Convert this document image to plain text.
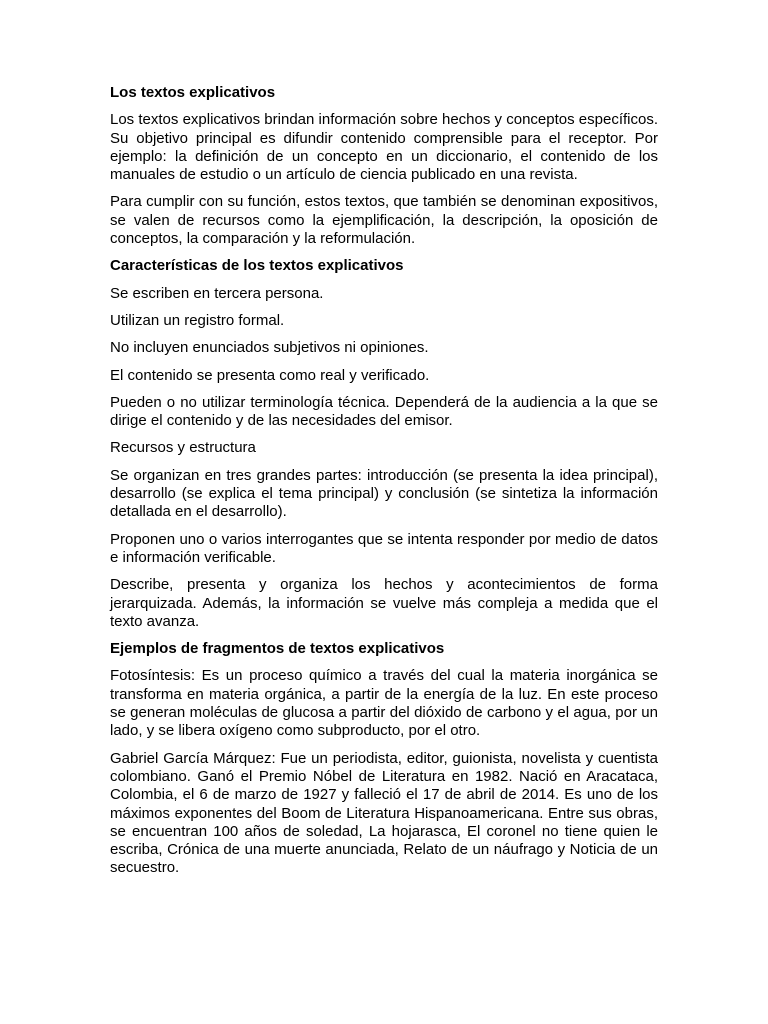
Los textos explicativos

Los textos explicativos brindan información sobre hechos y conceptos específicos. Su objetivo principal es difundir contenido comprensible para el receptor. Por ejemplo: la definición de un concepto en un diccionario, el contenido de los manuales de estudio o un artículo de ciencia publicado en una revista.

Para cumplir con su función, estos textos, que también se denominan expositivos, se valen de recursos como la ejemplificación, la descripción, la oposición de conceptos, la comparación y la reformulación.

Características de los textos explicativos

Se escriben en tercera persona.

Utilizan un registro formal.

No incluyen enunciados subjetivos ni opiniones.

El contenido se presenta como real y verificado.

Pueden o no utilizar terminología técnica. Dependerá de la audiencia a la que se dirige el contenido y de las necesidades del emisor.

Recursos y estructura

Se organizan en tres grandes partes: introducción (se presenta la idea principal), desarrollo (se explica el tema principal) y conclusión (se sintetiza la información detallada en el desarrollo).

Proponen uno o varios interrogantes que se intenta responder por medio de datos e información verificable.

Describe, presenta y organiza los hechos y acontecimientos de forma jerarquizada. Además, la información se vuelve más compleja a medida que el texto avanza.

Ejemplos de fragmentos de textos explicativos

Fotosíntesis: Es un proceso químico a través del cual la materia inorgánica se transforma en materia orgánica, a partir de la energía de la luz. En este proceso se generan moléculas de glucosa a partir del dióxido de carbono y el agua, por un lado, y se libera oxígeno como subproducto, por el otro.

Gabriel García Márquez: Fue un periodista, editor, guionista, novelista y cuentista colombiano. Ganó el Premio Nóbel de Literatura en 1982. Nació en Aracataca, Colombia, el 6 de marzo de 1927 y falleció el 17 de abril de 2014. Es uno de los máximos exponentes del Boom de Literatura Hispanoamericana. Entre sus obras, se encuentran 100 años de soledad, La hojarasca, El coronel no tiene quien le escriba, Crónica de una muerte anunciada, Relato de un náufrago y Noticia de un secuestro.
